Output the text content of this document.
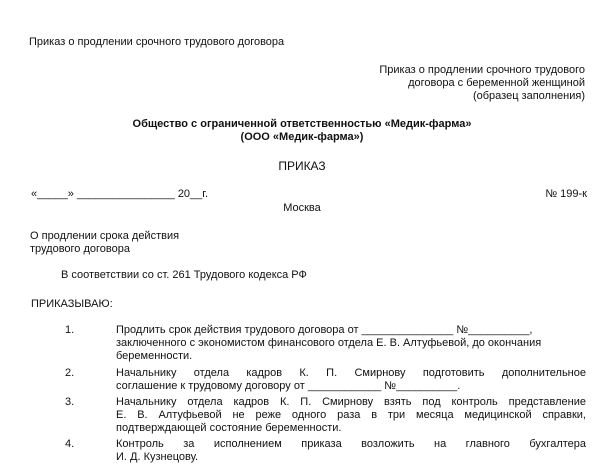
Приказ о продлении срочного трудового договора
Приказ о продлении срочного трудового
договора с беременной женщиной
(образец заполнения)
Общество с ограниченной ответственностью «Медик-фарма»
(ООО «Медик-фарма»)
ПРИКАЗ
«_____» ________________ 20__г.	№ 199-к
Москва
О продлении срока действия
трудового договора
В соответствии со ст. 261 Трудового кодекса РФ
ПРИКАЗЫВАЮ:
1.	Продлить срок действия трудового договора от _______________ №__________,
заключенного с экономистом финансового отдела Е. В. Алтуфьевой, до окончания
беременности.
2.	Начальнику отдела кадров К. П. Смирнову подготовить дополнительное
соглашение к трудовому договору от ____________ №__________.
3.	Начальнику отдела кадров К. П. Смирнову взять под контроль представление
Е. В. Алтуфьевой не реже одного раза в три месяца медицинской справки,
подтверждающей состояние беременности.
4.	Контроль за исполнением приказа возложить на главного бухгалтера
И. Д. Кузнецову.
